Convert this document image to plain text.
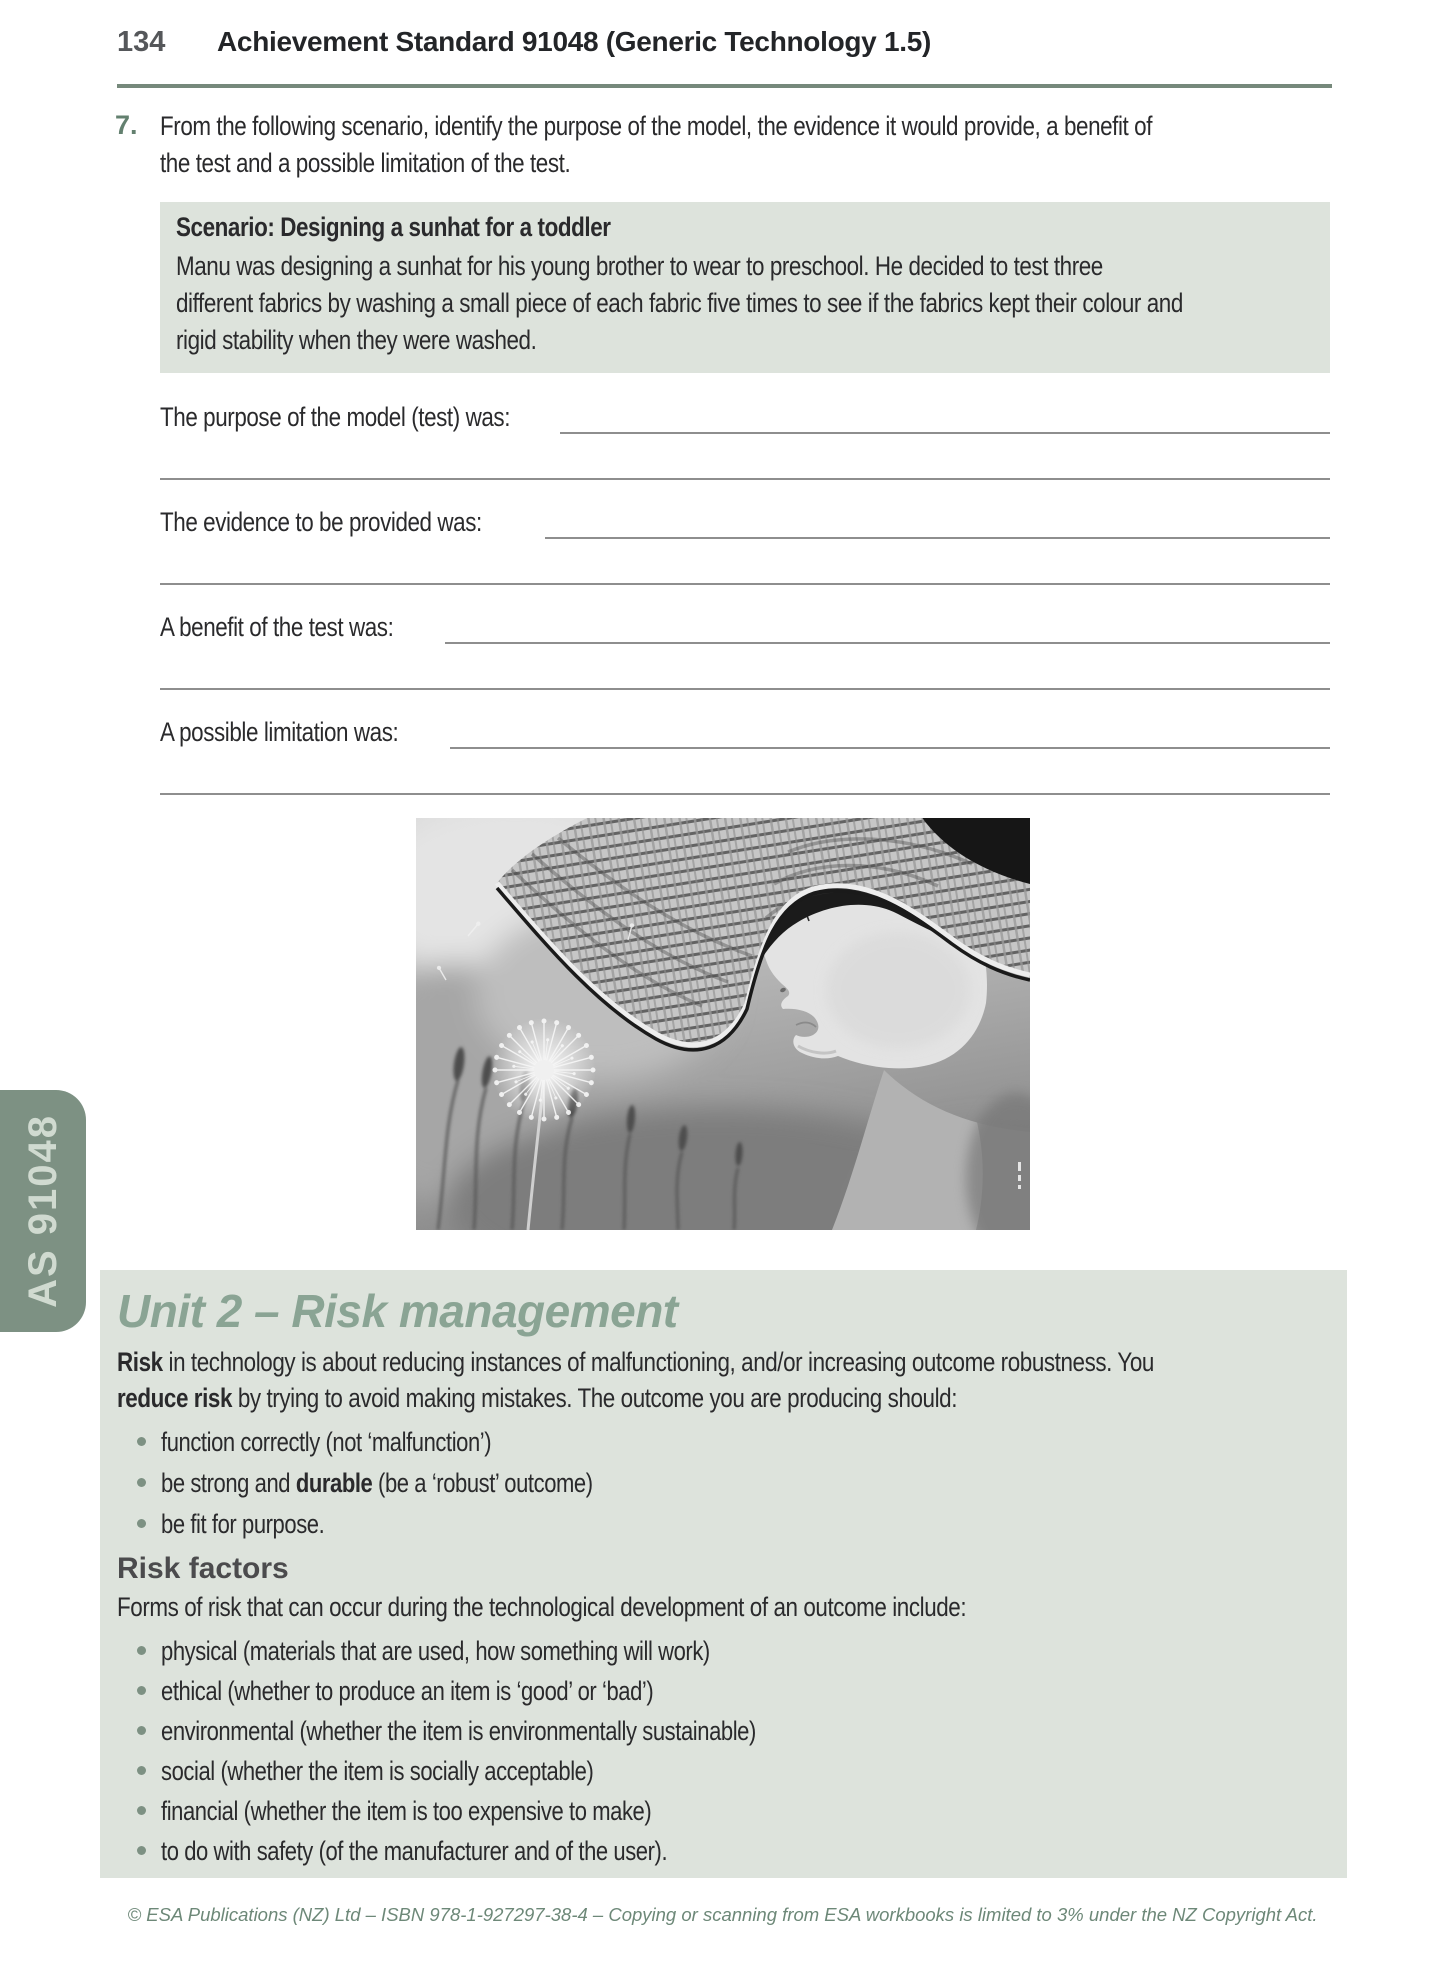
134 Achievement Standard 91048 (Generic Technology 1.5)
7. From the following scenario, identify the purpose of the model, the evidence it would provide, a benefit of
the test and a possible limitation of the test.
Scenario: Designing a sunhat for a toddler
Manu was designing a sunhat for his young brother to wear to preschool. He decided to test three
different fabrics by washing a small piece of each fabric five times to see if the fabrics kept their colour and
rigid stability when they were washed.
The purpose of the model (test) was:
The evidence to be provided was:
A benefit of the test was:
A possible limitation was:
AS 91048
Unit 2 – Risk management
Risk in technology is about reducing instances of malfunctioning, and/or increasing outcome robustness. You
reduce risk by trying to avoid making mistakes. The outcome you are producing should:
function correctly (not ‘malfunction’)
be strong and durable (be a ‘robust’ outcome)
be fit for purpose.
Risk factors
Forms of risk that can occur during the technological development of an outcome include:
physical (materials that are used, how something will work)
ethical (whether to produce an item is ‘good’ or ‘bad’)
environmental (whether the item is environmentally sustainable)
social (whether the item is socially acceptable)
financial (whether the item is too expensive to make)
to do with safety (of the manufacturer and of the user).
© ESA Publications (NZ) Ltd – ISBN 978-1-927297-38-4 – Copying or scanning from ESA workbooks is limited to 3% under the NZ Copyright Act.
